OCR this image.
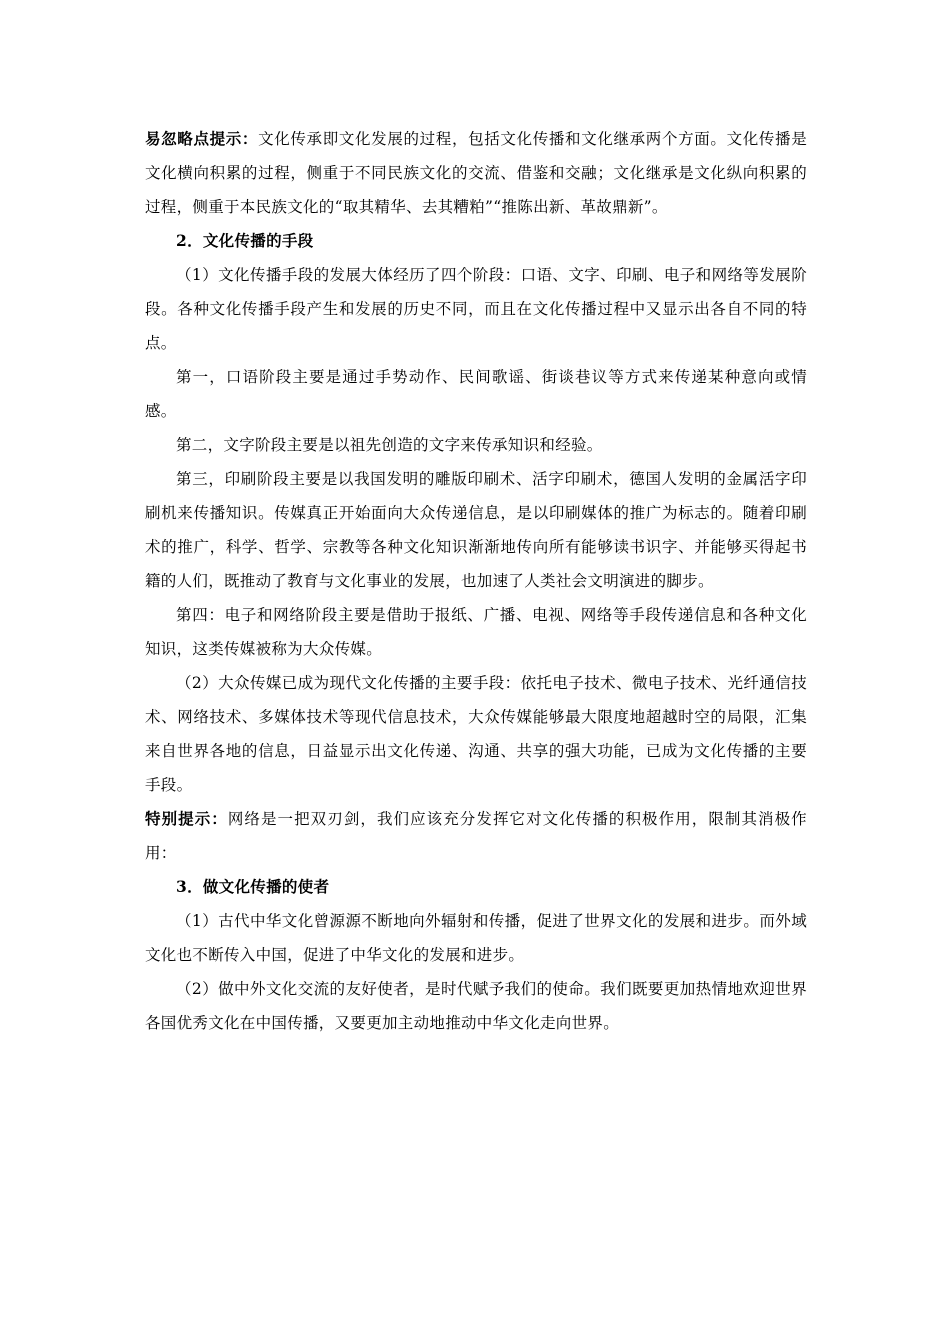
易忽略点提示：文化传承即文化发展的过程，包括文化传播和文化继承两个方面。文化传播是文化横向积累的过程，侧重于不同民族文化的交流、借鉴和交融；文化继承是文化纵向积累的过程，侧重于本民族文化的“取其精华、去其糟粕”“推陈出新、革故鼎新”。

2．文化传播的手段

（1）文化传播手段的发展大体经历了四个阶段：口语、文字、印刷、电子和网络等发展阶段。各种文化传播手段产生和发展的历史不同，而且在文化传播过程中又显示出各自不同的特点。

第一，口语阶段主要是通过手势动作、民间歌谣、街谈巷议等方式来传递某种意向或情感。

第二，文字阶段主要是以祖先创造的文字来传承知识和经验。

第三，印刷阶段主要是以我国发明的雕版印刷术、活字印刷术，德国人发明的金属活字印刷机来传播知识。传媒真正开始面向大众传递信息，是以印刷媒体的推广为标志的。随着印刷术的推广，科学、哲学、宗教等各种文化知识渐渐地传向所有能够读书识字、并能够买得起书籍的人们，既推动了教育与文化事业的发展，也加速了人类社会文明演进的脚步。

第四：电子和网络阶段主要是借助于报纸、广播、电视、网络等手段传递信息和各种文化知识，这类传媒被称为大众传媒。

（2）大众传媒已成为现代文化传播的主要手段：依托电子技术、微电子技术、光纤通信技术、网络技术、多媒体技术等现代信息技术，大众传媒能够最大限度地超越时空的局限，汇集来自世界各地的信息，日益显示出文化传递、沟通、共享的强大功能，已成为文化传播的主要手段。

特别提示：网络是一把双刃剑，我们应该充分发挥它对文化传播的积极作用，限制其消极作用：

3．做文化传播的使者

（1）古代中华文化曾源源不断地向外辐射和传播，促进了世界文化的发展和进步。而外域文化也不断传入中国，促进了中华文化的发展和进步。

（2）做中外文化交流的友好使者，是时代赋予我们的使命。我们既要更加热情地欢迎世界各国优秀文化在中国传播，又要更加主动地推动中华文化走向世界。
